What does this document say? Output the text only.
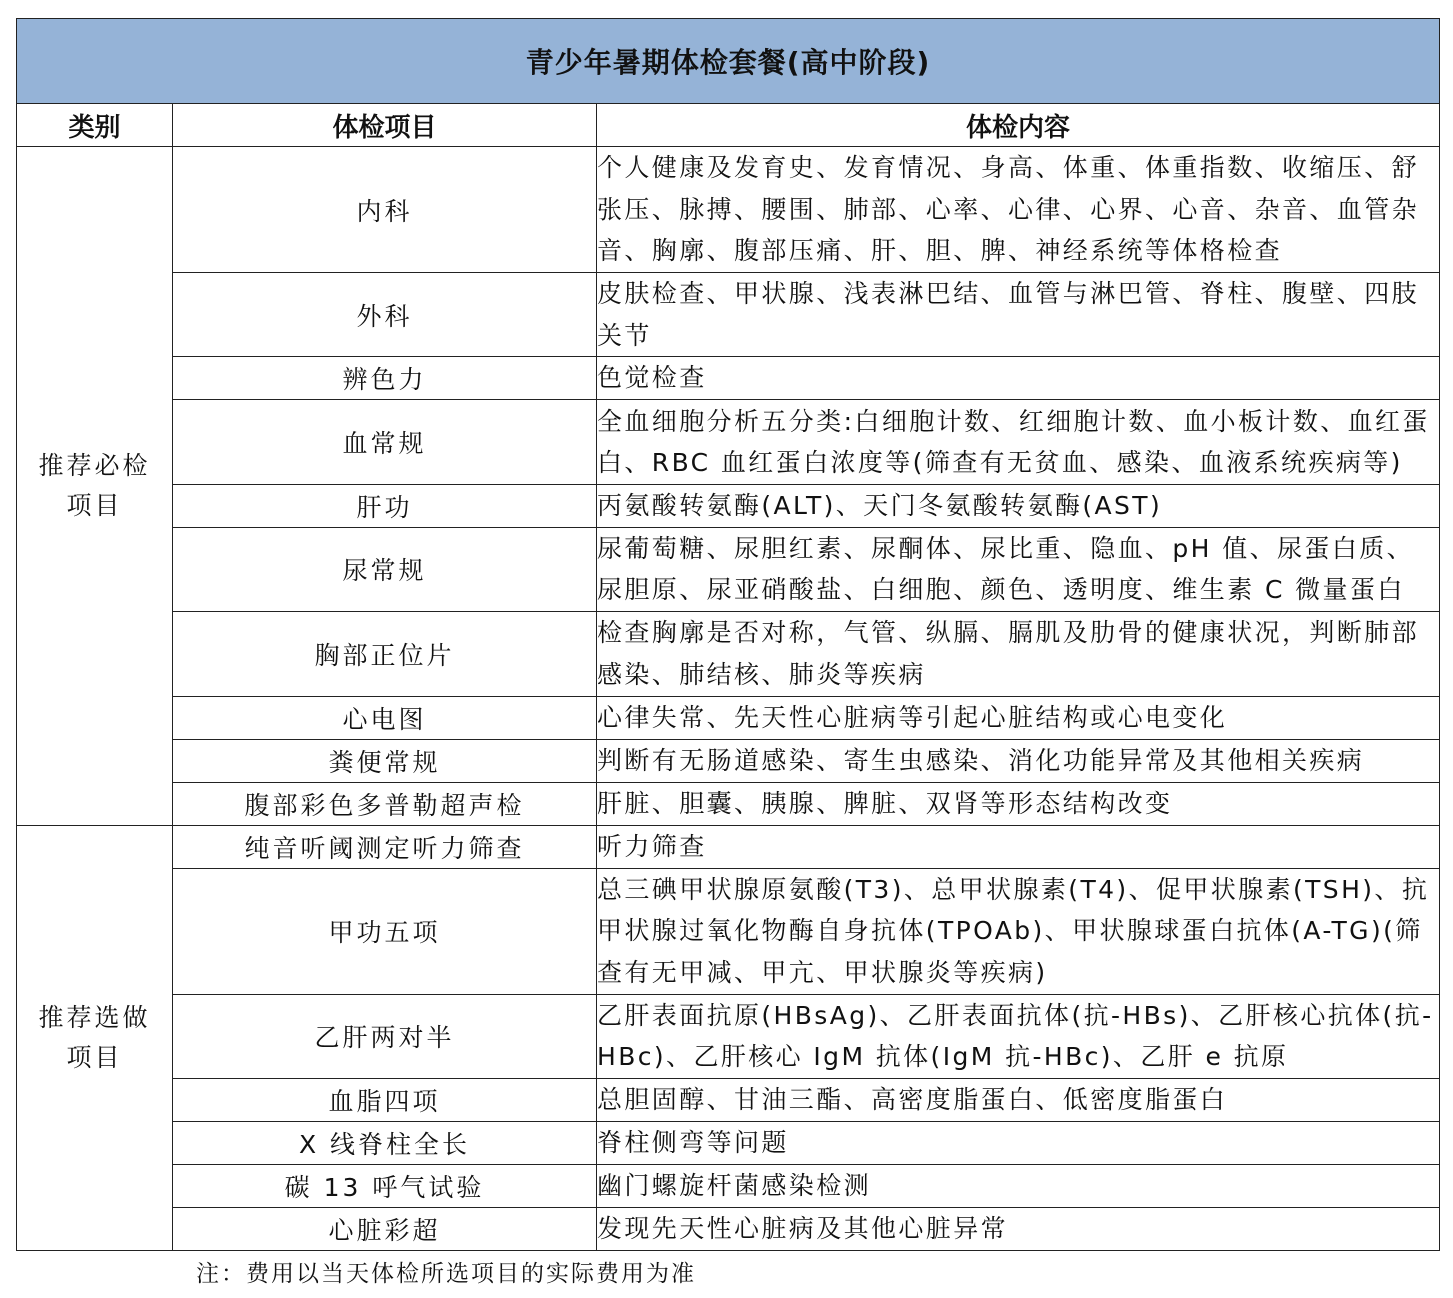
青少年暑期体检套餐(高中阶段)		
类别	体检项目	体检内容

推荐必检
项目	内科	个人健康及发育史、发育情况、身高、体重、体重指数、收缩压、舒张压、脉搏、腰围、肺部、心率、心律、心界、心音、杂音、血管杂音、胸廓、腹部压痛、肝、胆、脾、神经系统等体格检查
	外科	皮肤检查、甲状腺、浅表淋巴结、血管与淋巴管、脊柱、腹壁、四肢关节
	辨色力	色觉检查
	血常规	全血细胞分析五分类:白细胞计数、红细胞计数、血小板计数、血红蛋白、RBC 血红蛋白浓度等(筛查有无贫血、感染、血液系统疾病等)
	肝功	丙氨酸转氨酶(ALT)、天门冬氨酸转氨酶(AST)
	尿常规	尿葡萄糖、尿胆红素、尿酮体、尿比重、隐血、pH 值、尿蛋白质、尿胆原、尿亚硝酸盐、白细胞、颜色、透明度、维生素 C 微量蛋白
	胸部正位片	检查胸廓是否对称，气管、纵膈、膈肌及肋骨的健康状况，判断肺部感染、肺结核、肺炎等疾病
	心电图	心律失常、先天性心脏病等引起心脏结构或心电变化
	粪便常规	判断有无肠道感染、寄生虫感染、消化功能异常及其他相关疾病
	腹部彩色多普勒超声检	肝脏、胆囊、胰腺、脾脏、双肾等形态结构改变

推荐选做
项目	纯音听阈测定听力筛查	听力筛查
	甲功五项	总三碘甲状腺原氨酸(T3)、总甲状腺素(T4)、促甲状腺素(TSH)、抗甲状腺过氧化物酶自身抗体(TPOAb)、甲状腺球蛋白抗体(A-TG)(筛查有无甲减、甲亢、甲状腺炎等疾病)
	乙肝两对半	乙肝表面抗原(HBsAg)、乙肝表面抗体(抗-HBs)、乙肝核心抗体(抗-HBc)、乙肝核心 IgM 抗体(IgM 抗-HBc)、乙肝 e 抗原
	血脂四项	总胆固醇、甘油三酯、高密度脂蛋白、低密度脂蛋白
	X 线脊柱全长	脊柱侧弯等问题
	碳 13 呼气试验	幽门螺旋杆菌感染检测
	心脏彩超	发现先天性心脏病及其他心脏异常
注：费用以当天体检所选项目的实际费用为准
